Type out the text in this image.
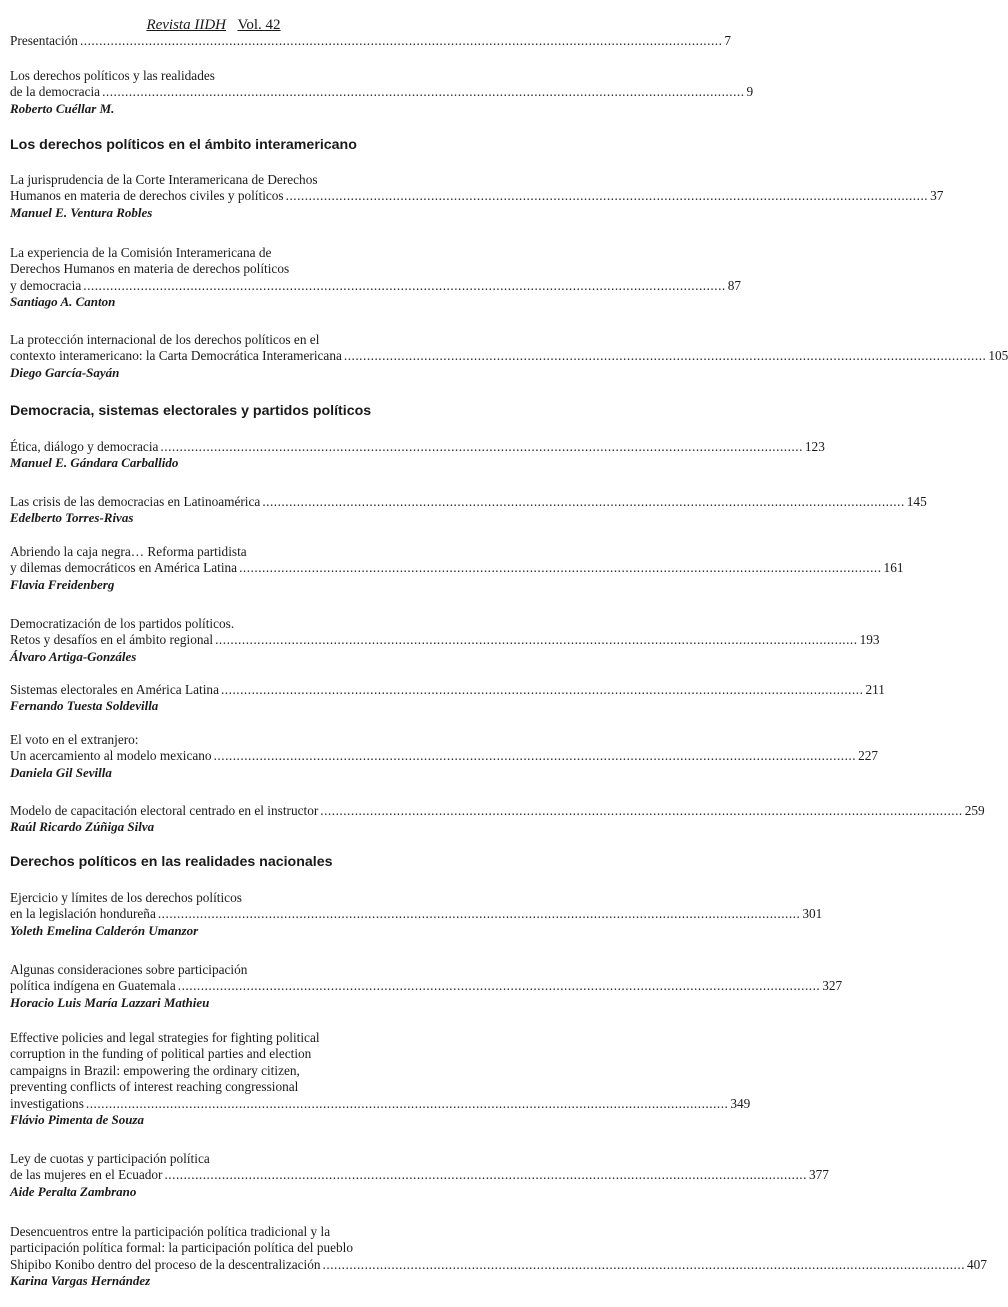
Revista IIDH Vol. 42
Presentación ........................................................................................................................................................................ 7
Los derechos políticos y las realidades
de la democracia ........................................................................................................................................................................ 9
Roberto Cuéllar M.
Los derechos políticos en el ámbito interamericano
La jurisprudencia de la Corte Interamericana de Derechos
Humanos en materia de derechos civiles y políticos ........................................................................................................................................................................ 37
Manuel E. Ventura Robles
La experiencia de la Comisión Interamericana de
Derechos Humanos en materia de derechos políticos
y democracia ........................................................................................................................................................................ 87
Santiago A. Canton
La protección internacional de los derechos políticos en el
contexto interamericano: la Carta Democrática Interamericana ........................................................................................................................................................................ 105
Diego García-Sayán
Democracia, sistemas electorales y partidos políticos
Ética, diálogo y democracia ........................................................................................................................................................................ 123
Manuel E. Gándara Carballido
Las crisis de las democracias en Latinoamérica ........................................................................................................................................................................ 145
Edelberto Torres-Rivas
Abriendo la caja negra… Reforma partidista
y dilemas democráticos en América Latina ........................................................................................................................................................................ 161
Flavia Freidenberg
Democratización de los partidos políticos.
Retos y desafíos en el ámbito regional ........................................................................................................................................................................ 193
Álvaro Artiga-Gonzáles
Sistemas electorales en América Latina ........................................................................................................................................................................ 211
Fernando Tuesta Soldevilla
El voto en el extranjero:
Un acercamiento al modelo mexicano ........................................................................................................................................................................ 227
Daniela Gil Sevilla
Modelo de capacitación electoral centrado en el instructor ........................................................................................................................................................................ 259
Raúl Ricardo Zúñiga Silva
Derechos políticos en las realidades nacionales
Ejercicio y límites de los derechos políticos
en la legislación hondureña ........................................................................................................................................................................ 301
Yoleth Emelina Calderón Umanzor
Algunas consideraciones sobre participación
política indígena en Guatemala ........................................................................................................................................................................ 327
Horacio Luis María Lazzari Mathieu
Effective policies and legal strategies for fighting political
corruption in the funding of political parties and election
campaigns in Brazil: empowering the ordinary citizen,
preventing conflicts of interest reaching congressional
investigations ........................................................................................................................................................................ 349
Flávio Pimenta de Souza
Ley de cuotas y participación política
de las mujeres en el Ecuador ........................................................................................................................................................................ 377
Aide Peralta Zambrano
Desencuentros entre la participación política tradicional y la
participación política formal: la participación política del pueblo
Shipibo Konibo dentro del proceso de la descentralización ........................................................................................................................................................................ 407
Karina Vargas Hernández
